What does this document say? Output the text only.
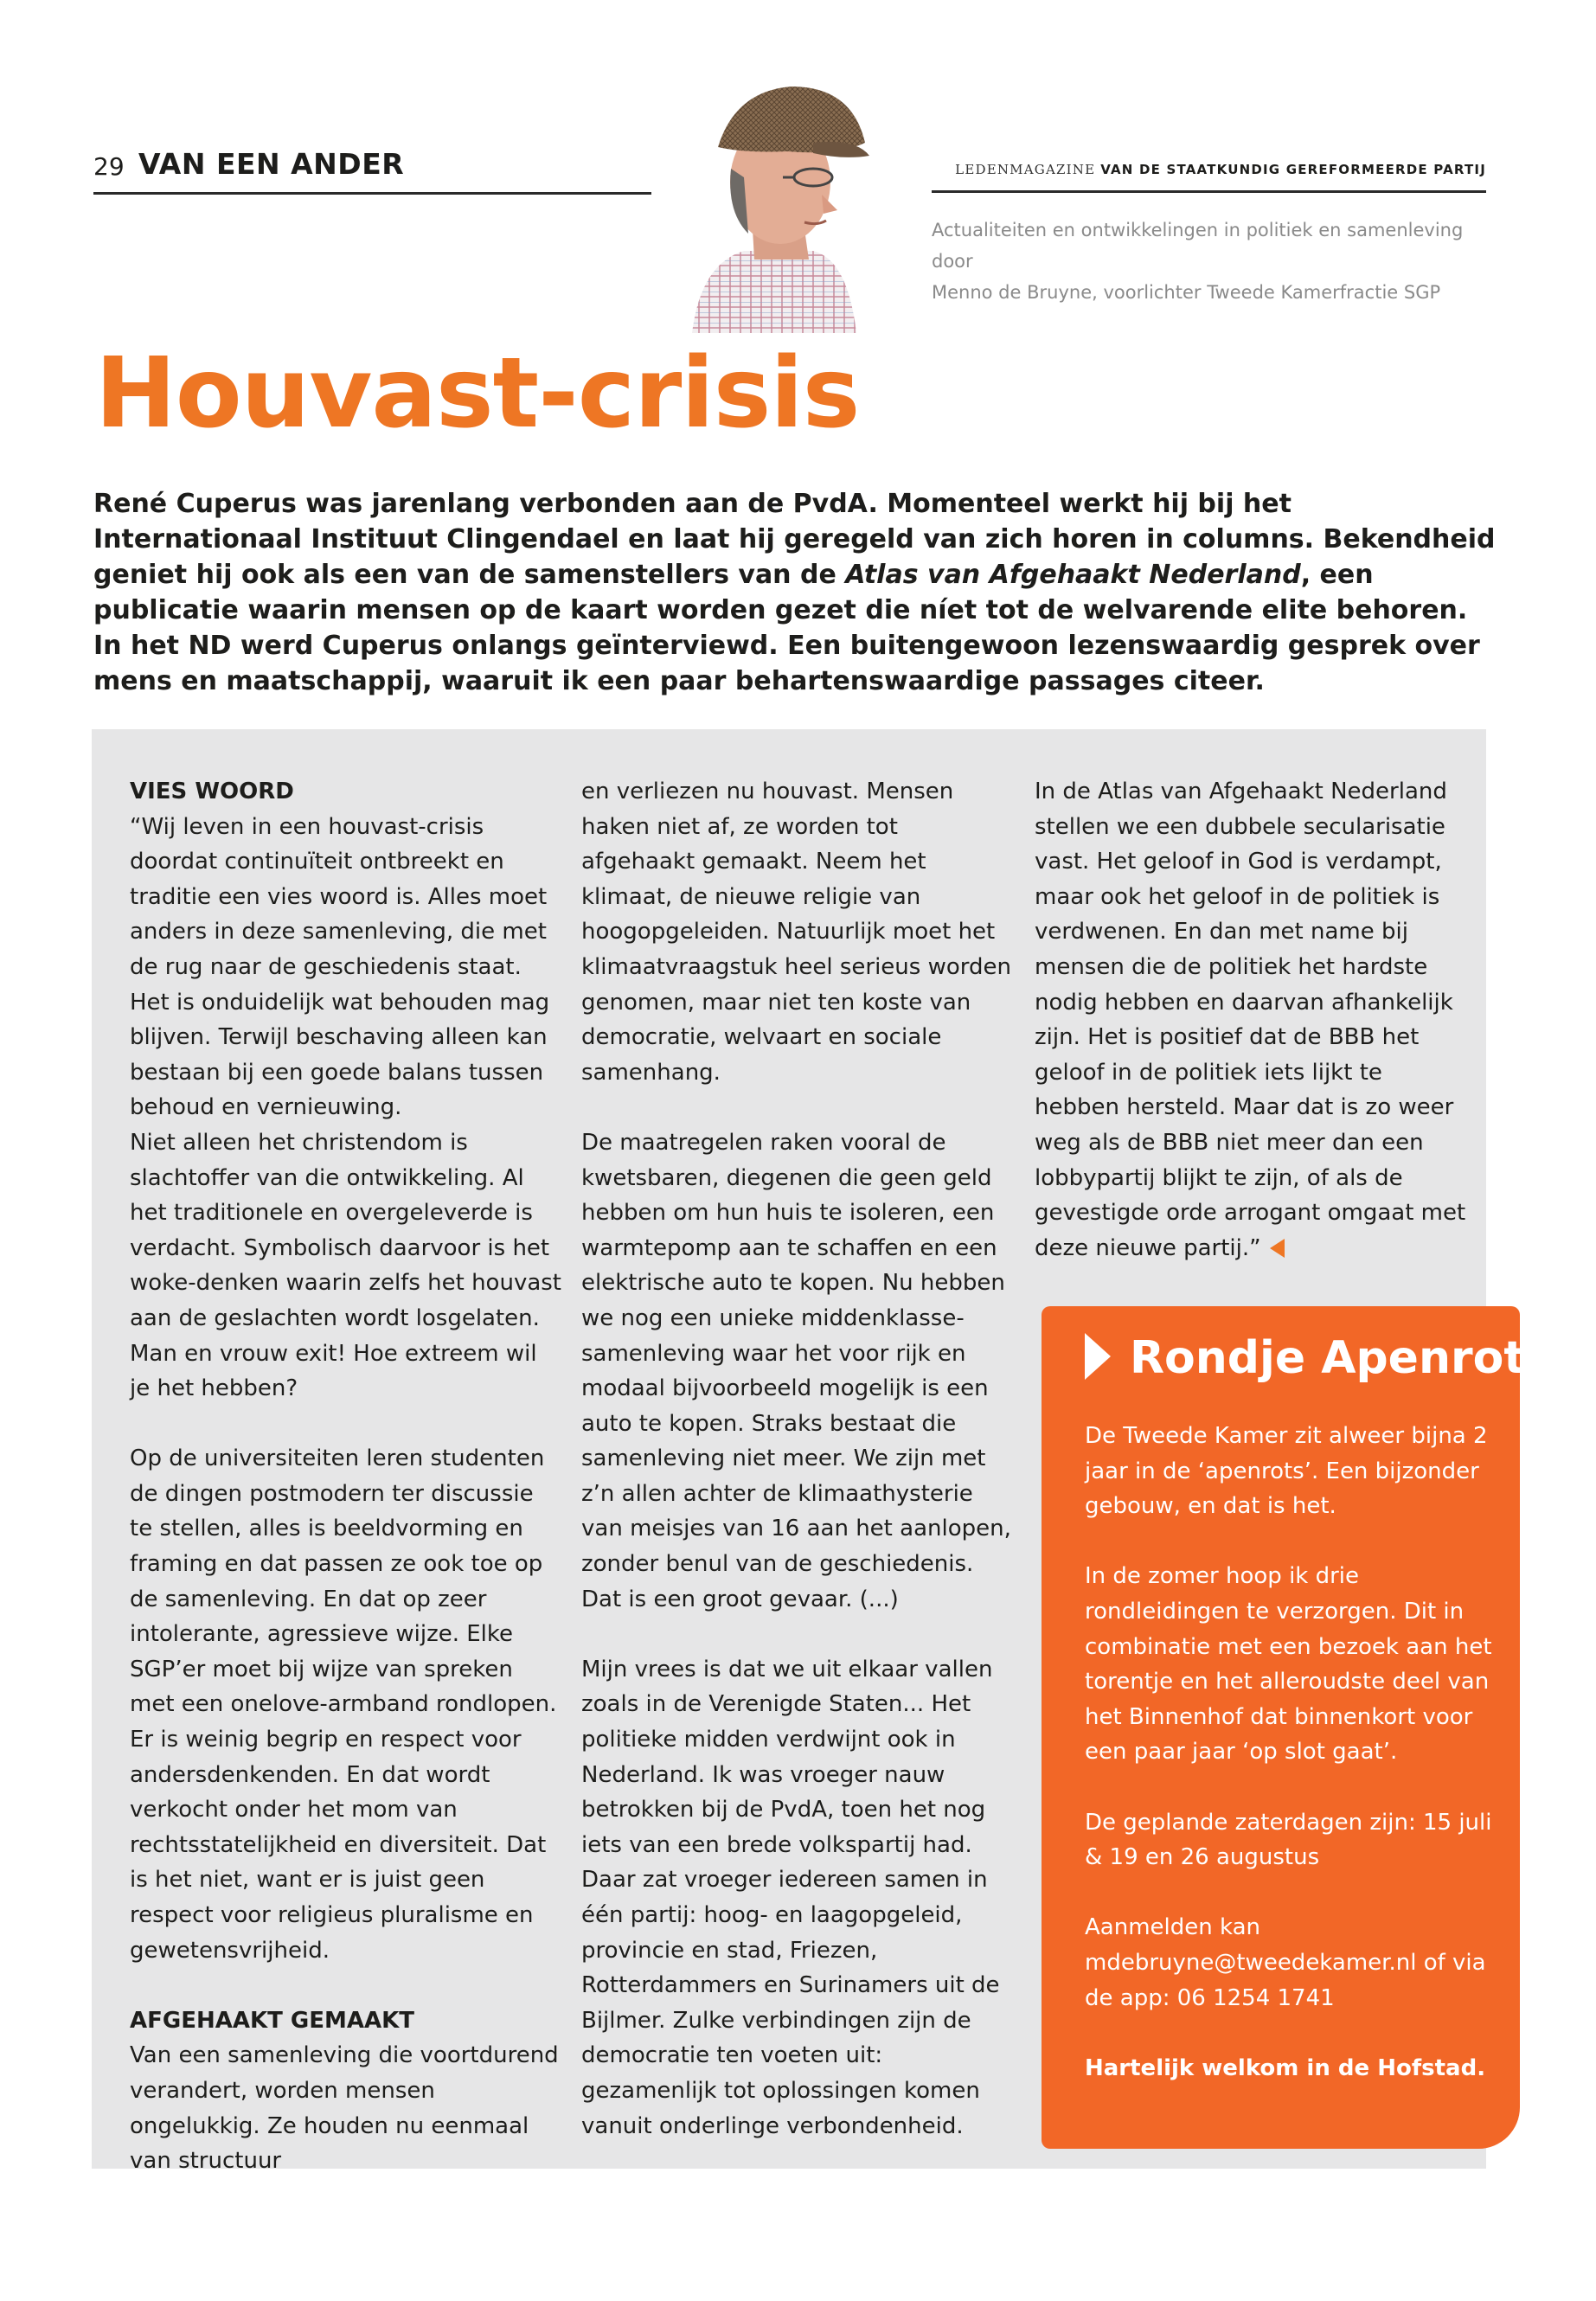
29 VAN EEN ANDER	LEDENMAGAZINE VAN DE STAATKUNDIG GEREFORMEERDE PARTIJ
Actualiteiten en ontwikkelingen in politiek en samenleving door
Menno de Bruyne, voorlichter Tweede Kamerfractie SGP
Houvast-crisis
René Cuperus was jarenlang verbonden aan de PvdA. Momenteel werkt hij bij het Internationaal Instituut Clingendael en laat hij geregeld van zich horen in columns. Bekendheid geniet hij ook als een van de samenstellers van de Atlas van Afgehaakt Nederland, een publicatie waarin mensen op de kaart worden gezet die níet tot de welvarende elite behoren. In het ND werd Cuperus onlangs geïnterviewd. Een buitengewoon lezenswaardig gesprek over mens en maatschappij, waaruit ik een paar behartenswaardige passages citeer.
VIES WOORD

“Wij leven in een houvast-crisis doordat continuïteit ontbreekt en traditie een vies woord is. Alles moet anders in deze samenleving, die met de rug naar de geschiedenis staat. Het is onduidelijk wat behouden mag blijven. Terwijl beschaving alleen kan bestaan bij een goede balans tussen behoud en vernieuwing.

Niet alleen het christendom is slachtoffer van die ontwikkeling. Al het traditionele en overgeleverde is verdacht. Symbolisch daarvoor is het woke-denken waarin zelfs het houvast aan de geslachten wordt losgelaten. Man en vrouw exit! Hoe extreem wil je het hebben?

Op de universiteiten leren studenten de dingen postmodern ter discussie te stellen, alles is beeldvorming en framing en dat passen ze ook toe op de samenleving. En dat op zeer intolerante, agressieve wijze. Elke SGP’er moet bij wijze van spreken met een onelove-armband rondlopen. Er is weinig begrip en respect voor andersdenkenden. En dat wordt verkocht onder het mom van rechtsstatelijkheid en diversiteit. Dat is het niet, want er is juist geen respect voor religieus pluralisme en gewetensvrijheid.

AFGEHAAKT GEMAAKT

Van een samenleving die voortdurend verandert, worden mensen ongelukkig. Ze houden nu eenmaal van structuur

en verliezen nu houvast. Mensen haken niet af, ze worden tot afgehaakt gemaakt. Neem het klimaat, de nieuwe religie van hoogopgeleiden. Natuurlijk moet het klimaatvraagstuk heel serieus worden genomen, maar niet ten koste van democratie, welvaart en sociale samenhang.

De maatregelen raken vooral de kwetsbaren, diegenen die geen geld hebben om hun huis te isoleren, een warmtepomp aan te schaffen en een elektrische auto te kopen. Nu hebben we nog een unieke middenklasse-samenleving waar het voor rijk en modaal bijvoorbeeld mogelijk is een auto te kopen. Straks bestaat die samenleving niet meer. We zijn met z’n allen achter de klimaathysterie van meisjes van 16 aan het aanlopen, zonder benul van de geschiedenis. Dat is een groot gevaar. (...)

Mijn vrees is dat we uit elkaar vallen zoals in de Verenigde Staten... Het politieke midden verdwijnt ook in Nederland. Ik was vroeger nauw betrokken bij de PvdA, toen het nog iets van een brede volkspartij had. Daar zat vroeger iedereen samen in één partij: hoog- en laagopgeleid, provincie en stad, Friezen, Rotterdammers en Surinamers uit de Bijlmer. Zulke verbindingen zijn de democratie ten voeten uit: gezamenlijk tot oplossingen komen vanuit onderlinge verbondenheid.

In de Atlas van Afgehaakt Nederland stellen we een dubbele secularisatie vast. Het geloof in God is verdampt, maar ook het geloof in de politiek is verdwenen. En dan met name bij mensen die de politiek het hardste nodig hebben en daarvan afhankelijk zijn. Het is positief dat de BBB het geloof in de politiek iets lijkt te hebben hersteld. Maar dat is zo weer weg als de BBB niet meer dan een lobbypartij blijkt te zijn, of als de gevestigde orde arrogant omgaat met deze nieuwe partij.”

Rondje Apenrots

De Tweede Kamer zit alweer bijna 2 jaar in de ‘apenrots’. Een bijzonder gebouw, en dat is het.

In de zomer hoop ik drie rondleidingen te verzorgen. Dit in combinatie met een bezoek aan het torentje en het alleroudste deel van het Binnenhof dat binnenkort voor een paar jaar ‘op slot gaat’.

De geplande zaterdagen zijn: 15 juli & 19 en 26 augustus

Aanmelden kan mdebruyne@tweedekamer.nl of via de app: 06 1254 1741

Hartelijk welkom in de Hofstad.
